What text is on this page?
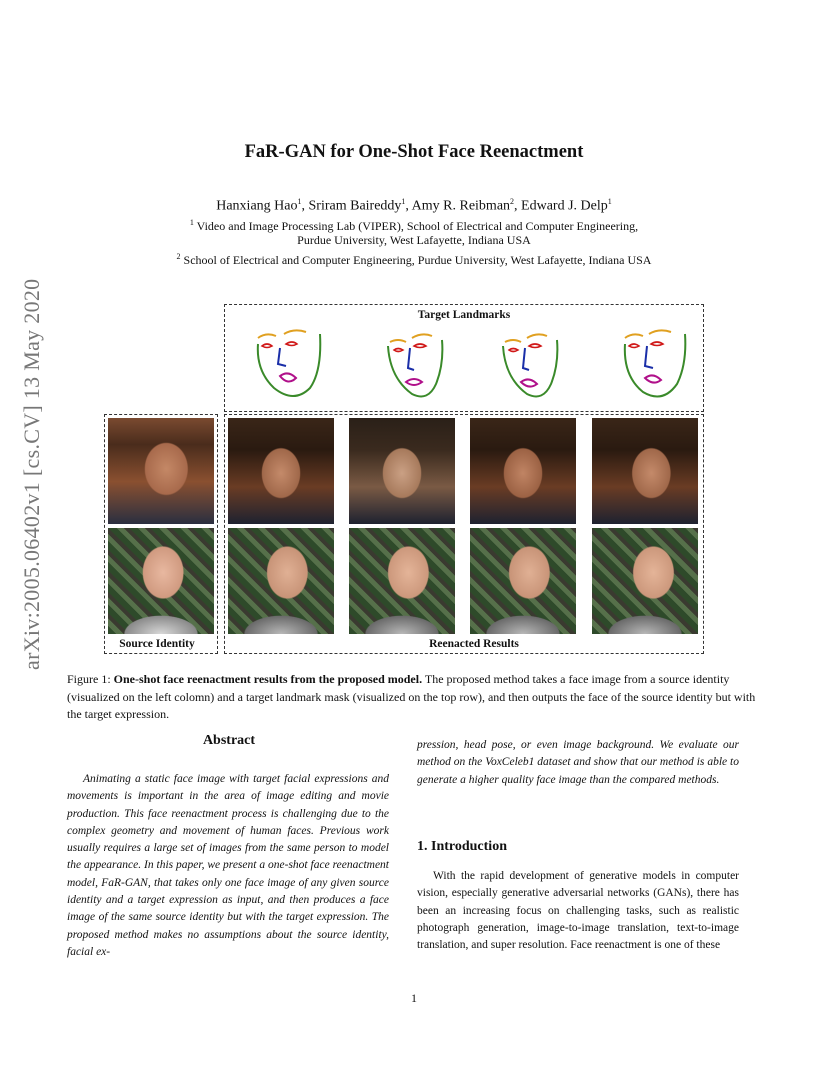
FaR-GAN for One-Shot Face Reenactment
Hanxiang Hao$^1$, Sriram Baireddy$^1$, Amy R. Reibman$^2$, Edward J. Delp$^1$
$^1$ Video and Image Processing Lab (VIPER), School of Electrical and Computer Engineering,
Purdue University, West Lafayette, Indiana USA
$^2$ School of Electrical and Computer Engineering, Purdue University, West Lafayette, Indiana USA
arXiv:2005.06402v1 [cs.CV] 13 May 2020	Target Landmarks
Source Identity	Reenacted Results
Figure 1: One-shot face reenactment results from the proposed model. The proposed method takes a face image from a source identity (visualized on the left colomn) and a target landmark mask (visualized on the top row), and then outputs the face of the source identity but with the target expression.
Abstract
Animating a static face image with target facial expressions and movements is important in the area of image editing and movie production. This face reenactment process is challenging due to the complex geometry and movement of human faces. Previous work usually requires a large set of images from the same person to model the appearance. In this paper, we present a one-shot face reenactment model, FaR-GAN, that takes only one face image of any given source identity and a target expression as input, and then produces a face image of the same source identity but with the target expression. The proposed method makes no assumptions about the source identity, facial ex-
pression, head pose, or even image background. We evaluate our method on the VoxCeleb1 dataset and show that our method is able to generate a higher quality face image than the compared methods.
1. Introduction
With the rapid development of generative models in computer vision, especially generative adversarial networks (GANs), there has been an increasing focus on challenging tasks, such as realistic photograph generation, image-to-image translation, text-to-image translation, and super resolution. Face reenactment is one of these
1
